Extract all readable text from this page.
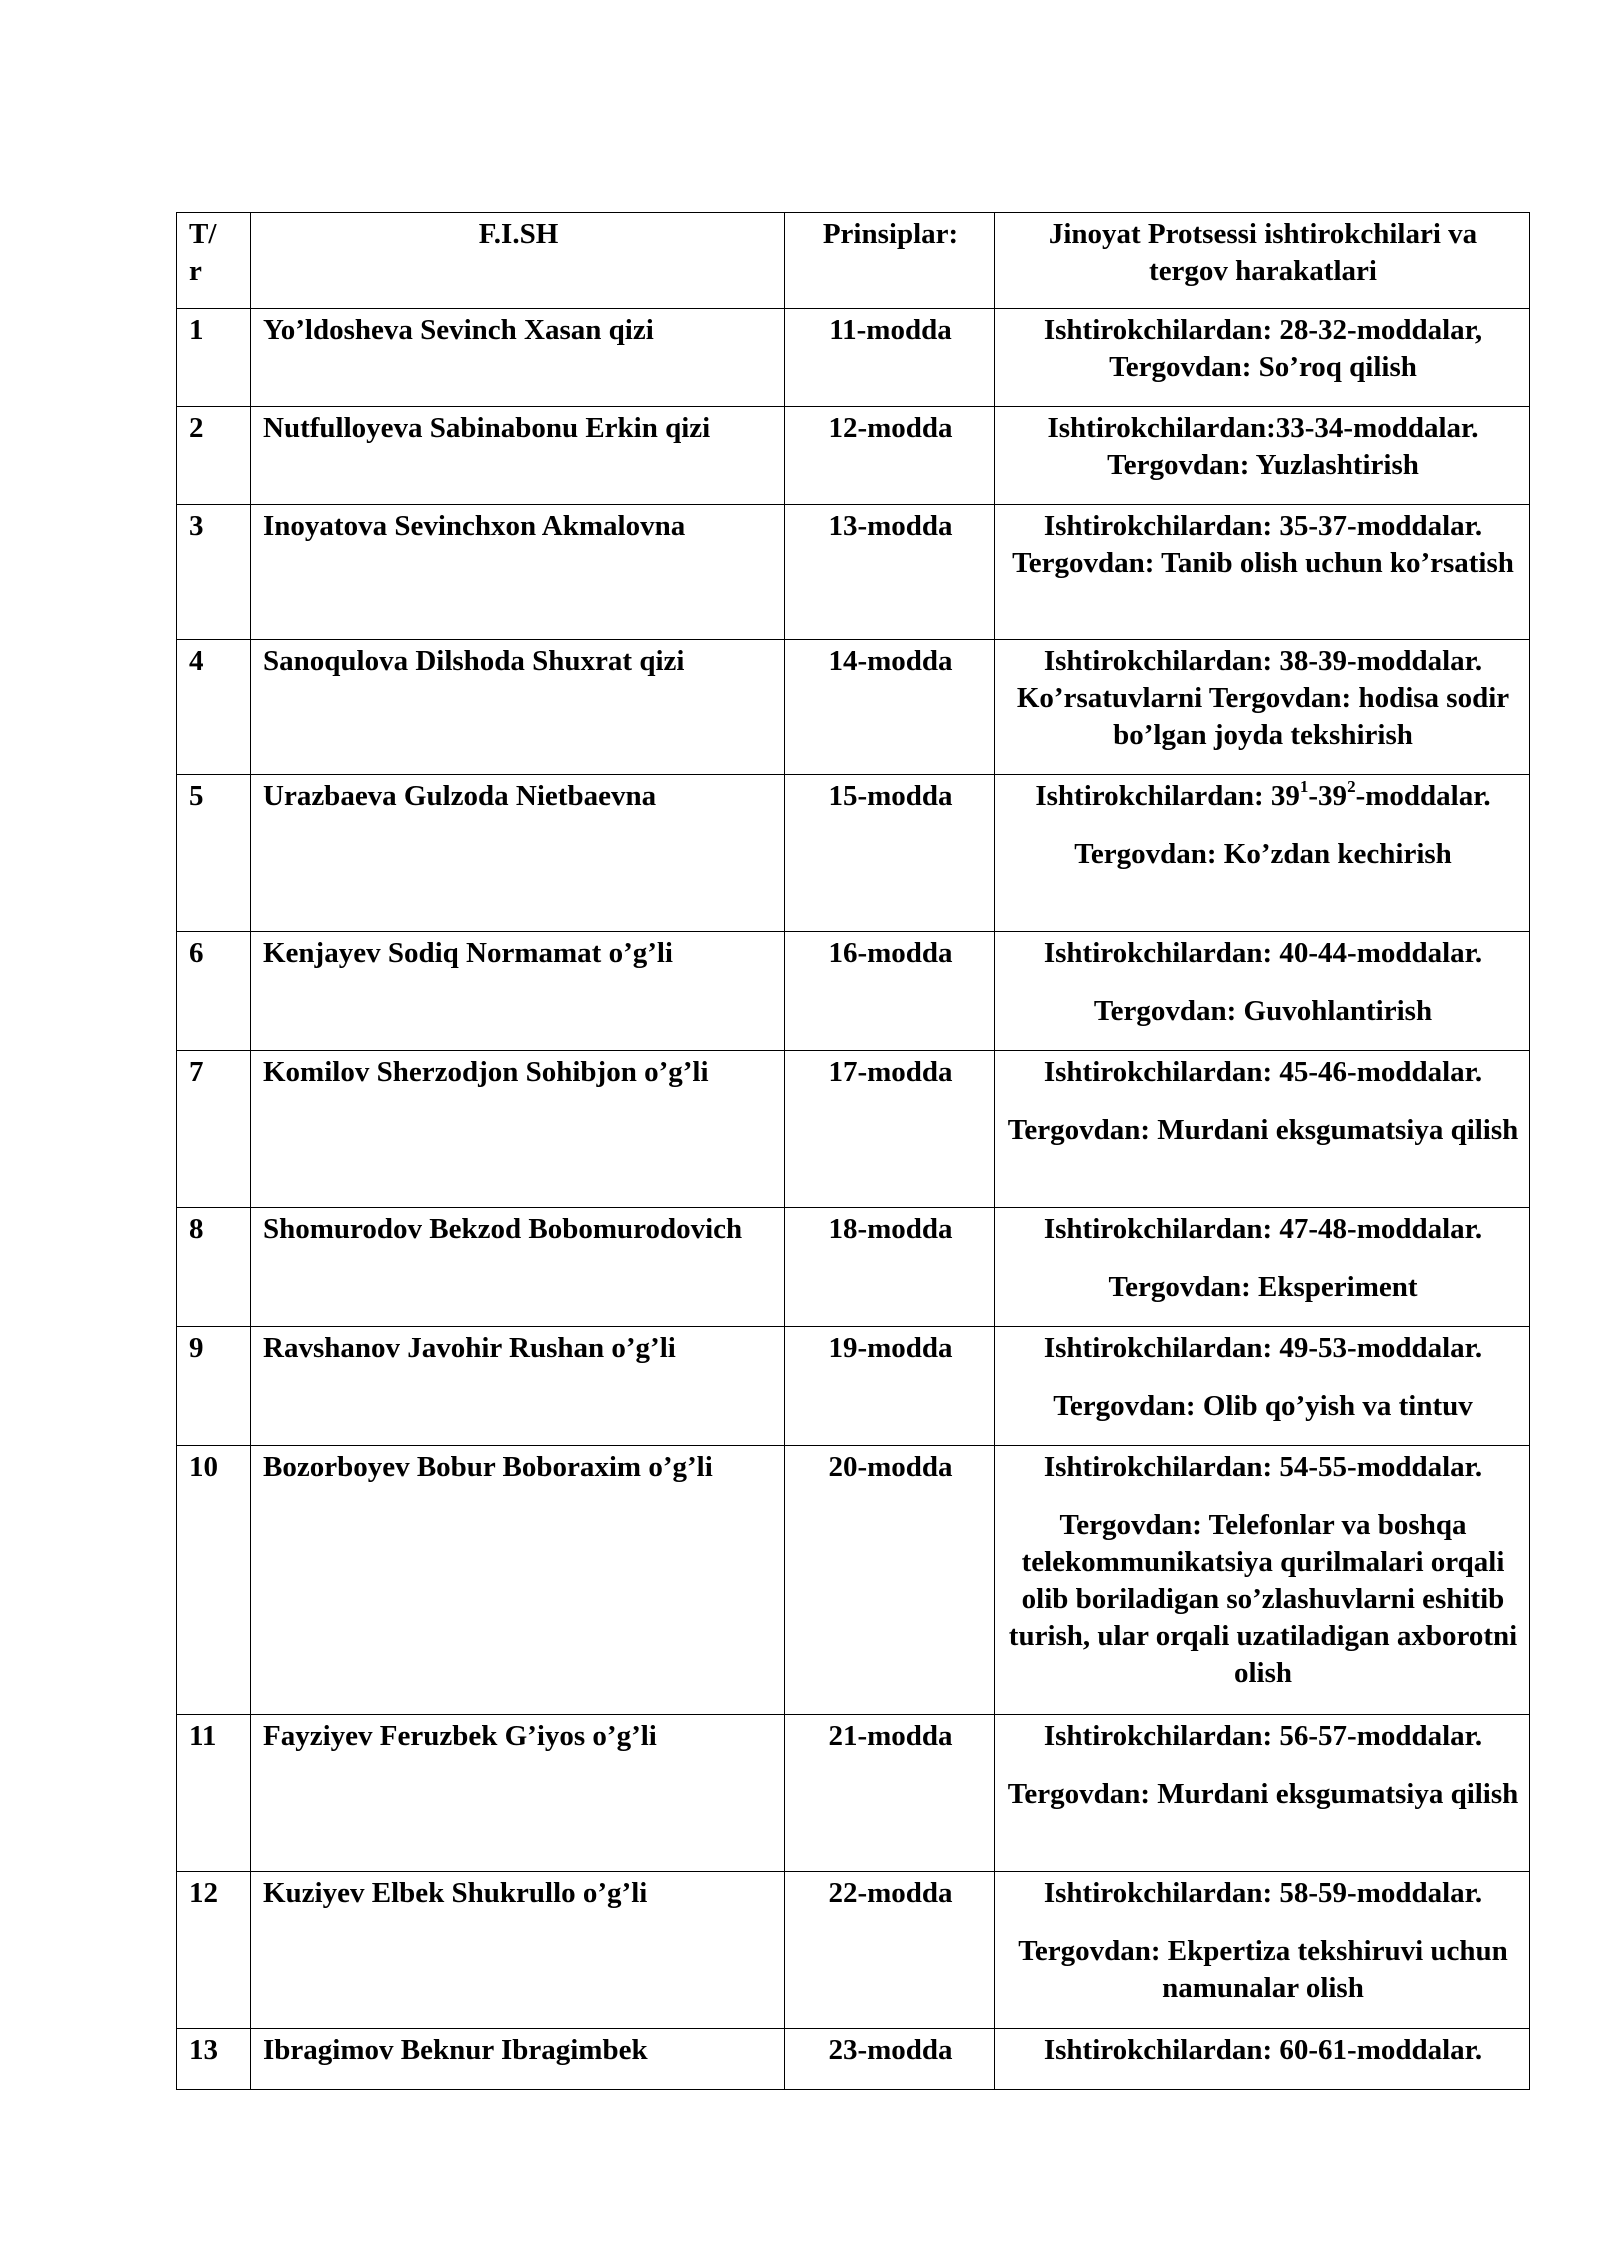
T/
r	F.I.SH	Prinsiplar:	Jinoyat Protsessi ishtirokchilari va tergov harakatlari
1	Yo’ldosheva Sevinch Xasan qizi	11-modda	Ishtirokchilardan: 28-32-moddalar,
Tergovdan: So’roq qilish

2	Nutfulloyeva Sabinabonu Erkin qizi	12-modda	Ishtirokchilardan:33-34-moddalar.
Tergovdan: Yuzlashtirish

3	Inoyatova Sevinchxon Akmalovna	13-modda	Ishtirokchilardan: 35-37-moddalar.
Tergovdan: Tanib olish uchun ko’rsatish

4	Sanoqulova Dilshoda Shuxrat qizi	14-modda	Ishtirokchilardan: 38-39-moddalar.
Ko’rsatuvlarni Tergovdan: hodisa sodir bo’lgan joyda tekshirish

5	Urazbaeva Gulzoda Nietbaevna	15-modda	Ishtirokchilardan: $39^1-39^2$-moddalar.
Tergovdan: Ko’zdan kechirish

6	Kenjayev Sodiq Normamat o’g’li	16-modda	Ishtirokchilardan: 40-44-moddalar.
Tergovdan: Guvohlantirish

7	Komilov Sherzodjon Sohibjon o’g’li	17-modda	Ishtirokchilardan: 45-46-moddalar.
Tergovdan: Murdani eksgumatsiya qilish

8	Shomurodov Bekzod Bobomurodovich	18-modda	Ishtirokchilardan: 47-48-moddalar.
Tergovdan: Eksperiment

9	Ravshanov Javohir Rushan o’g’li	19-modda	Ishtirokchilardan: 49-53-moddalar.
Tergovdan: Olib qo’yish va tintuv

10	Bozorboyev Bobur Boboraxim o’g’li	20-modda	Ishtirokchilardan: 54-55-moddalar.
Tergovdan: Telefonlar va boshqa telekommunikatsiya qurilmalari orqali olib boriladigan so’zlashuvlarni eshitib turish, ular orqali uzatiladigan axborotni olish

11	Fayziyev Feruzbek G’iyos o’g’li	21-modda	Ishtirokchilardan: 56-57-moddalar.
Tergovdan: Murdani eksgumatsiya qilish

12	Kuziyev Elbek Shukrullo o’g’li	22-modda	Ishtirokchilardan: 58-59-moddalar.
Tergovdan: Ekpertiza tekshiruvi uchun namunalar olish

13	Ibragimov Beknur Ibragimbek	23-modda	Ishtirokchilardan: 60-61-moddalar.
